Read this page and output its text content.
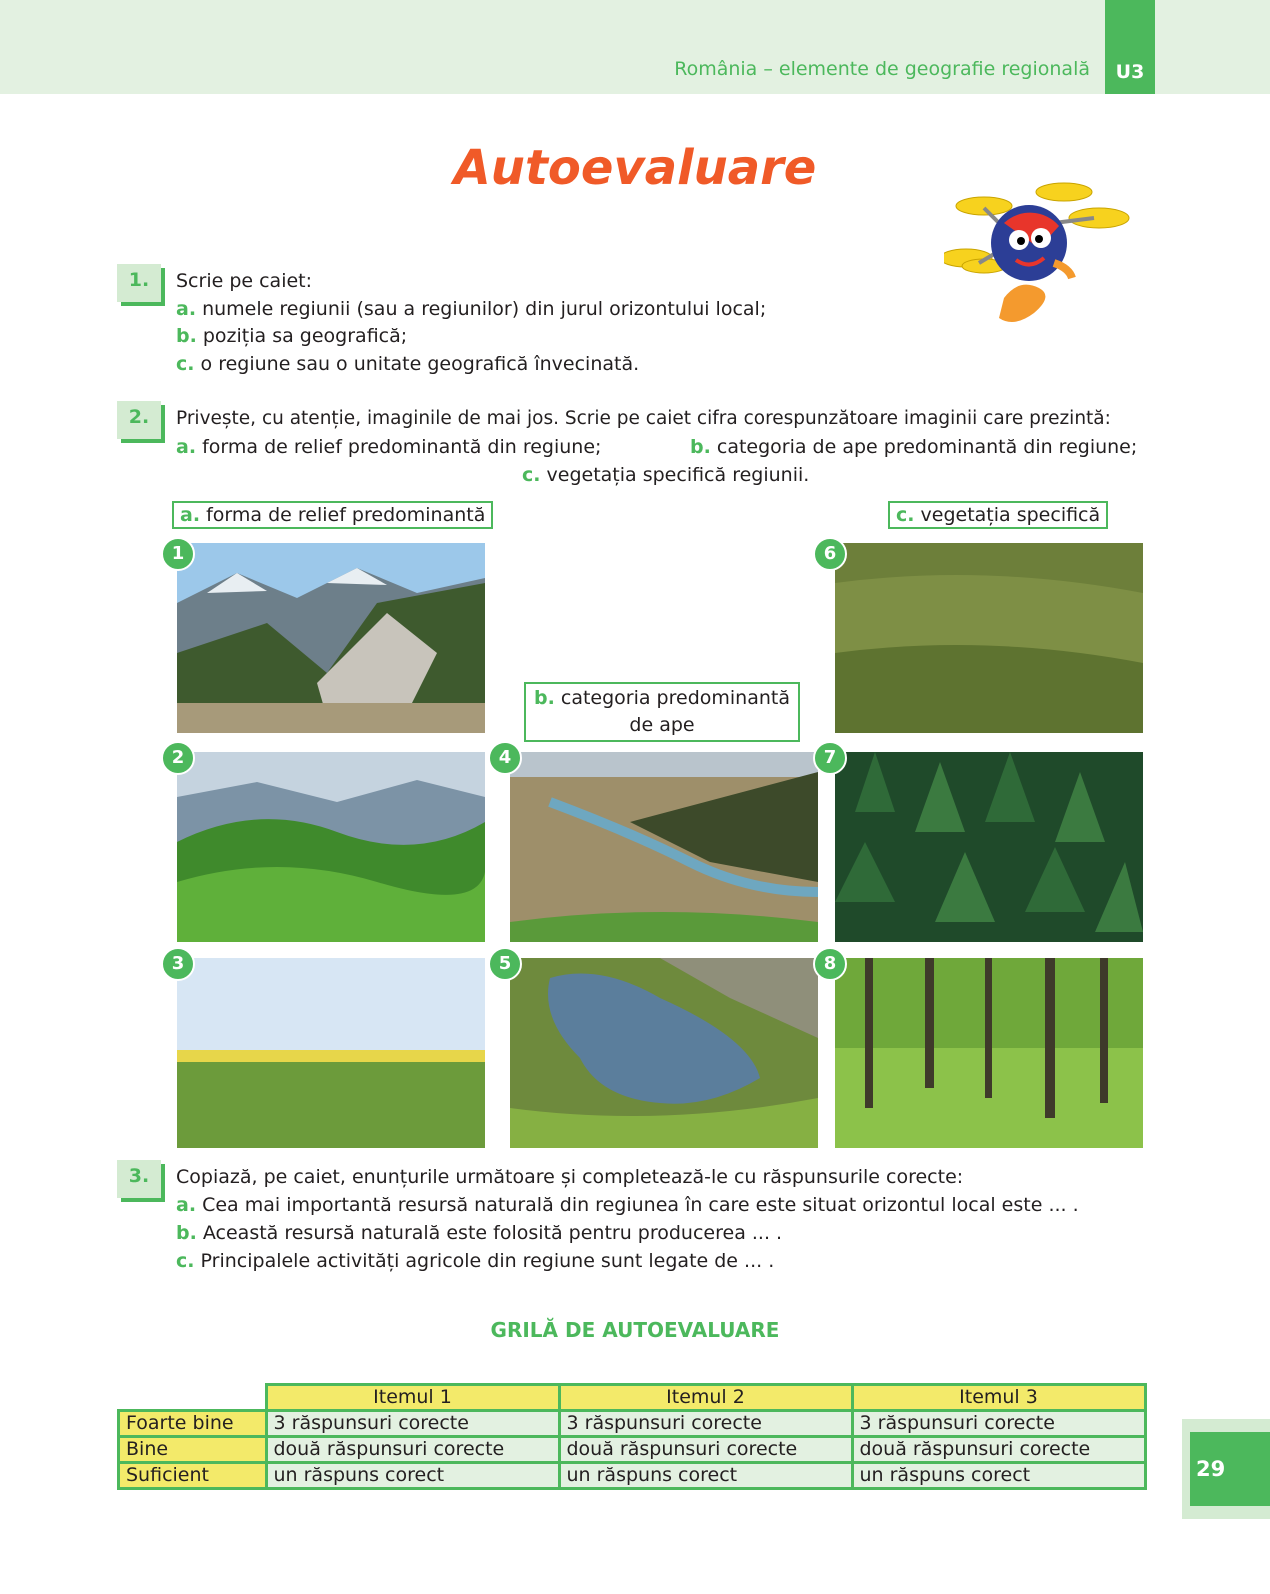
România – elemente de geografie regională	U3
Autoevaluare
1.	Scrie pe caiet:
a. numele regiunii (sau a regiunilor) din jurul orizontului local;
b. poziția sa geografică;
c. o regiune sau o unitate geografică învecinată.
2.	Privește, cu atenție, imaginile de mai jos. Scrie pe caiet cifra corespunzătoare imaginii care prezintă:
a. forma de relief predominantă din regiune;	b. categoria de ape predominantă din regiune;
c. vegetația specifică regiunii.
a. forma de relief predominantă	c. vegetația specifică
b. categoria predominantă
de ape
1
2
3
4
5
6
7
8
3.	Copiază, pe caiet, enunțurile următoare și completează-le cu răspunsurile corecte:
a. Cea mai importantă resursă naturală din regiunea în care este situat orizontul local este ... .
b. Această resursă naturală este folosită pentru producerea ... .
c. Principalele activități agricole din regiune sunt legate de ... .
GRILĂ DE AUTOEVALUARE
	Itemul 1	Itemul 2	Itemul 3
Foarte bine	3 răspunsuri corecte	3 răspunsuri corecte	3 răspunsuri corecte
Bine	două răspunsuri corecte	două răspunsuri corecte	două răspunsuri corecte
Suficient	un răspuns corect	un răspuns corect	un răspuns corect	29
